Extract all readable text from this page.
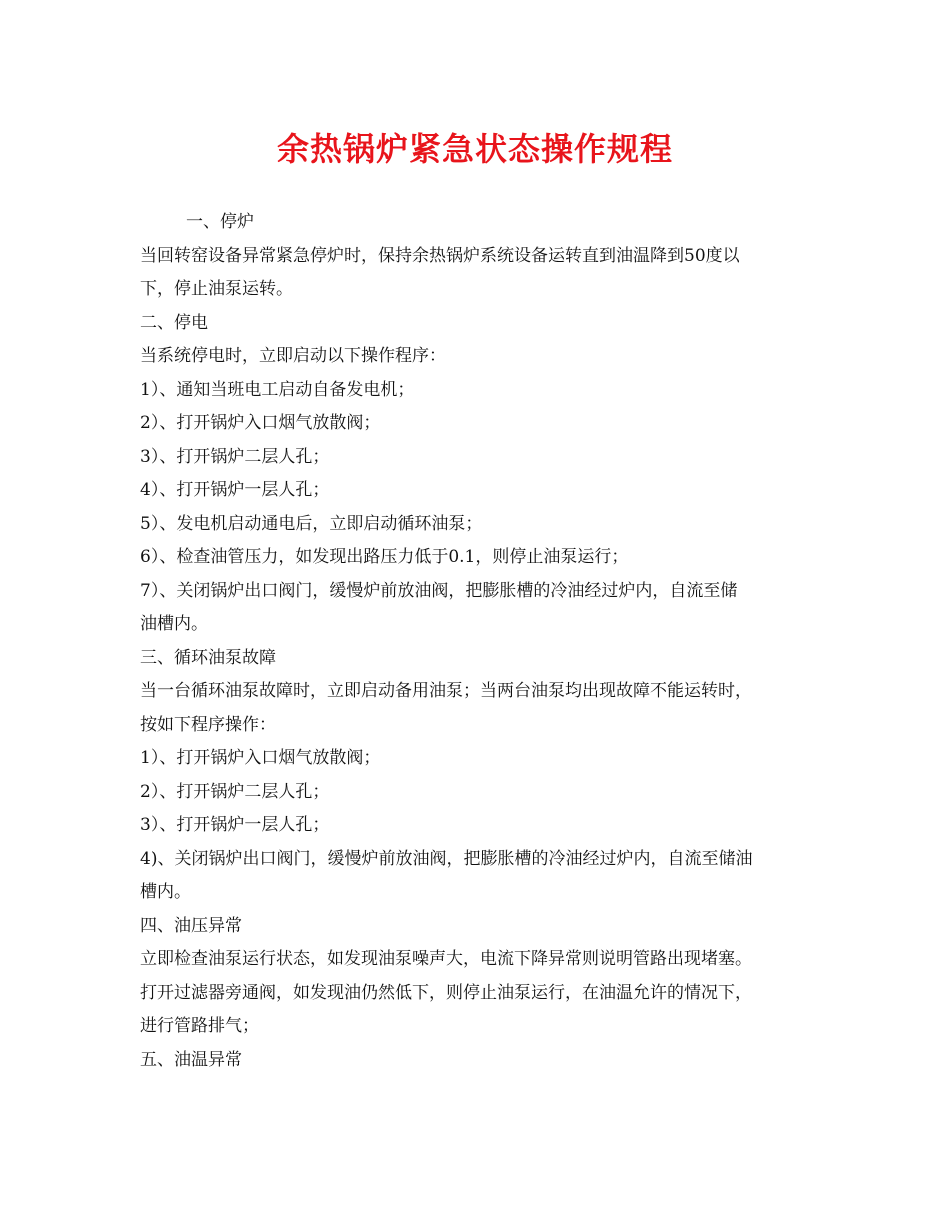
余热锅炉紧急状态操作规程

一、停炉

当回转窑设备异常紧急停炉时，保持余热锅炉系统设备运转直到油温降到50度以

下，停止油泵运转。

二、停电

当系统停电时，立即启动以下操作程序：

1）、通知当班电工启动自备发电机；

2）、打开锅炉入口烟气放散阀；

3）、打开锅炉二层人孔；

4）、打开锅炉一层人孔；

5）、发电机启动通电后，立即启动循环油泵；

6）、检查油管压力，如发现出路压力低于0.1，则停止油泵运行；

7）、关闭锅炉出口阀门，缓慢炉前放油阀，把膨胀槽的冷油经过炉内，自流至储

油槽内。

三、循环油泵故障

当一台循环油泵故障时，立即启动备用油泵；当两台油泵均出现故障不能运转时，

按如下程序操作：

1）、打开锅炉入口烟气放散阀；

2）、打开锅炉二层人孔；

3）、打开锅炉一层人孔；

4)、关闭锅炉出口阀门，缓慢炉前放油阀，把膨胀槽的冷油经过炉内，自流至储油

槽内。

四、油压异常

立即检查油泵运行状态，如发现油泵噪声大，电流下降异常则说明管路出现堵塞。

打开过滤器旁通阀，如发现油仍然低下，则停止油泵运行，在油温允许的情况下，

进行管路排气；

五、油温异常
